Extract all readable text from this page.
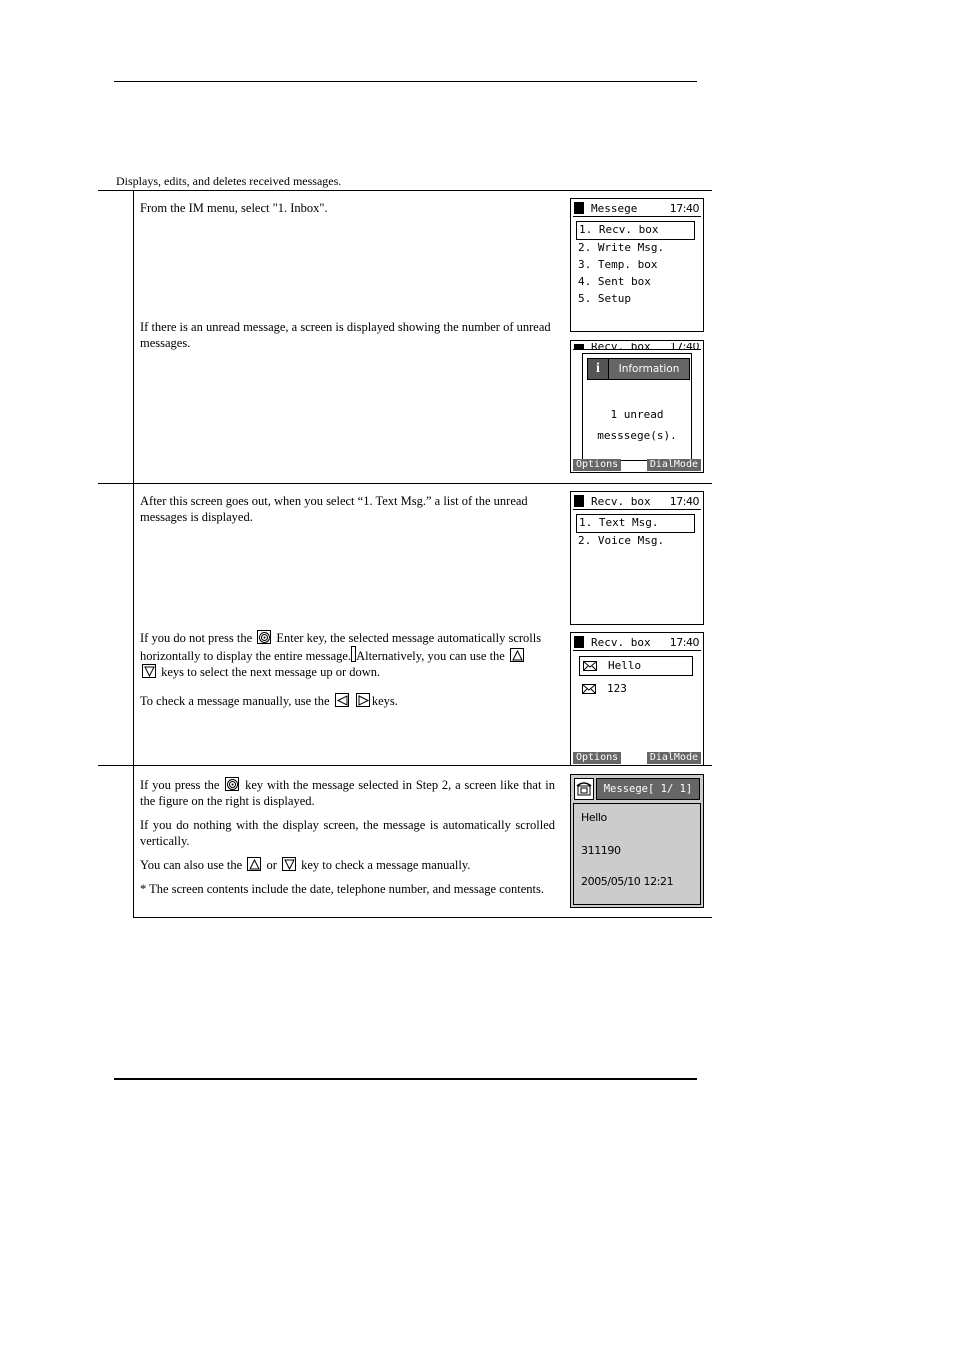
Displays, edits, and deletes received messages.
From the IM menu, select "1. Inbox".
If there is an unread message, a screen is displayed showing the number of unread messages.
After this screen goes out, when you select “1. Text Msg.” a list of the unread messages is displayed.
If you do not press the Enter key, the selected message automatically scrolls horizontally to display the entire message. Alternatively, you can use the

keys to select the next message up or down.
To check a message manually, use the
	keys.

If you press the key with the message selected in Step 2, a screen like that in the figure on the right is displayed.

If you do nothing with the display screen, the message is automatically scrolled vertically.

You can also use the or key to check a message manually.

* The screen contents include the date, telephone number, and message contents.

Messege	17:40
1. Recv. box
2. Write Msg.
3. Temp. box
4. Sent box
5. Setup
Recv. box 17:40
i	Information
1 unread
messsege(s).
Options	DialMode
Recv. box 17:40
1. Text Msg.
2. Voice Msg.
Recv. box 17:40
Hello
123
Options	DialMode
Messege[ 1/ 1]
Hello
311190
2005/05/10 12:21
